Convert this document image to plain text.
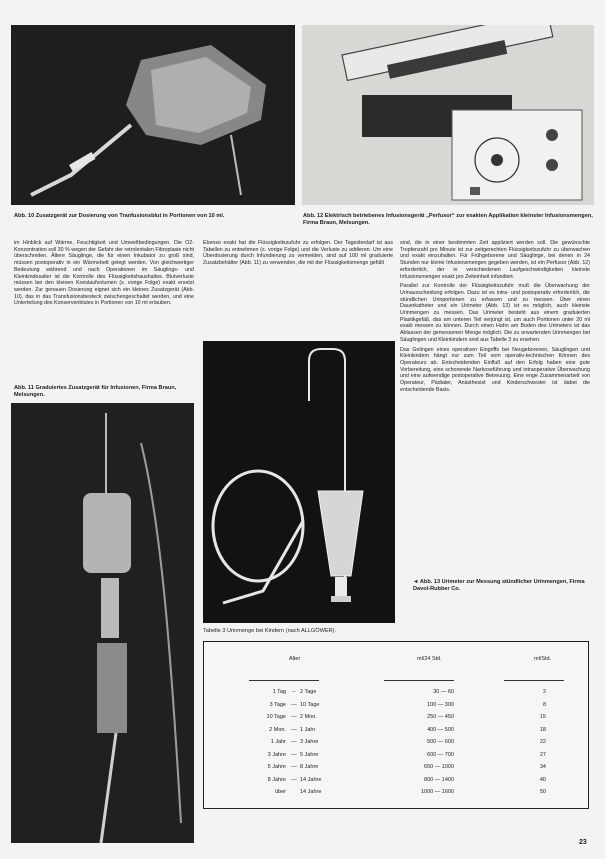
Abb. 10 Zusatzgerät zur Dosierung von Tranfusionsblut in Portionen von 10 ml.	Abb. 12 Elektrisch betriebenes Infusionsgerät „Perfusor“ zur exakten Applikation kleinster Infusionsmengen, Firma Braun, Melsungen.

im Hinblick auf Wärme, Feuchtigkeit und Umweltbedingungen. Die O2-Konzentration soll 30 % wegen der Gefahr der retrolentalen Fibroplasie nicht überschreiten. Ältere Säuglinge, die für einen Inkubator zu groß sind, müssen postoperativ in ein Wärmebett gelegt werden. Von gleichwertiger Bedeutung während und nach Operationen im Säuglings- und Kleinkindesalter ist die Kontrolle des Flüssigkeitshaushaltes. Blutverluste müssen bei den kleinen Kreislaufvolumen (s. vorige Folge) exakt ersetzt werden. Zur genauen Dosierung eignet sich ein kleines Zusatzgerät (Abb. 10), das in das Transfusionsbesteck zwischengeschaltet werden, und eine Unterteilung des Konservenblutes in Portionen von 10 ml erlauben.

Ebenso exakt hat die Flüssigkeitszufuhr zu erfolgen. Der Tagesbedarf ist aus Tabellen zu entnehmen (s. vorige Folge) und die Verluste zu addieren. Um eine Überdosierung durch Infundierung zu vermeiden, sind auf 100 ml graduierte Zusatzbehälter (Abb. 11) zu verwenden, die mit der Flüssigkeitsmenge gefüllt

sind, die in einer bestimmten Zeit appliziert werden soll. Die gewünschte Tropfenzahl pro Minute ist zur zeitgerechten Flüssigkeitszufuhr zu überwachen und exakt einzuhalten. Für Frühgeborene und Säuglinge, bei denen in 24 Stunden nur kleine Infusionsmengen gegeben werden, ist ein Perfusor (Abb. 12) erforderlich, der in verschiedenen Laufgeschwindigkeiten kleinste Infusionsmengen exakt pro Zeiteinheit infundiert.

Parallel zur Kontrolle der Flüssigkeitszufuhr muß die Überwachung der Urinausscheidung erfolgen. Dazu ist es intra- und postoperativ erforderlich, die stündlichen Urinportionen zu erfassen und zu messen. Über einen Dauerkatheter und ein Urimeter (Abb. 13) ist es möglich, auch kleinste Urinmengen zu messen. Das Urimeter besteht aus einem graduierten Plastikgefäß, das am unteren Teil verjüngt ist, um auch Portionen unter 20 ml exakt messen zu können. Durch einen Hahn am Boden des Urimeters ist das Ablassen der gemessenen Menge möglich. Die zu erwartenden Urinmengen bei Säuglingen und Kleinkindern sind aus Tabelle 3 zu ersehen.

Das Gelingen eines operativen Eingriffs bei Neugeborenen, Säuglingen und Kleinkindern hängt nur zum Teil vom operativ-technischen Können des Operateurs ab. Entscheidenden Einfluß auf den Erfolg haben eine gute Vorbereitung, eine schonende Narkoseführung und intraoperative Überwachung und eine aufwendige postoperative Betreuung. Eine enge Zusammenarbeit von Operateur, Pädiater, Anästhesist und Kinderschwester ist dabei die entscheidende Basis.

Abb. 11 Graduiertes Zusatzgerät für Infusionen, Firma Braun, Melsungen.
◄ Abb. 13 Urimeter zur Messung stündlicher Urinmengen, Firma Davol-Rubber Co.
Tabelle 3 Urinmenge bei Kindern (nach ALLGÖWER).
Alter	ml/24 Std.	ml/Std.
1 Tag	– 2 Tage	30 — 60	2
3 Tage — 10 Tage	100 — 300	8
10 Tage — 2 Mon.	250 — 450	15
2 Mon. — 1 Jahr	400 — 500	18
1 Jahr — 3 Jahre	500 — 600	22
3 Jahre — 5 Jahre	600 — 700	27
5 Jahre — 8 Jahre	650 — 1000	34
8 Jahre — 14 Jahre	800 — 1400	40
über	14 Jahre	1000 — 1600	50
23
